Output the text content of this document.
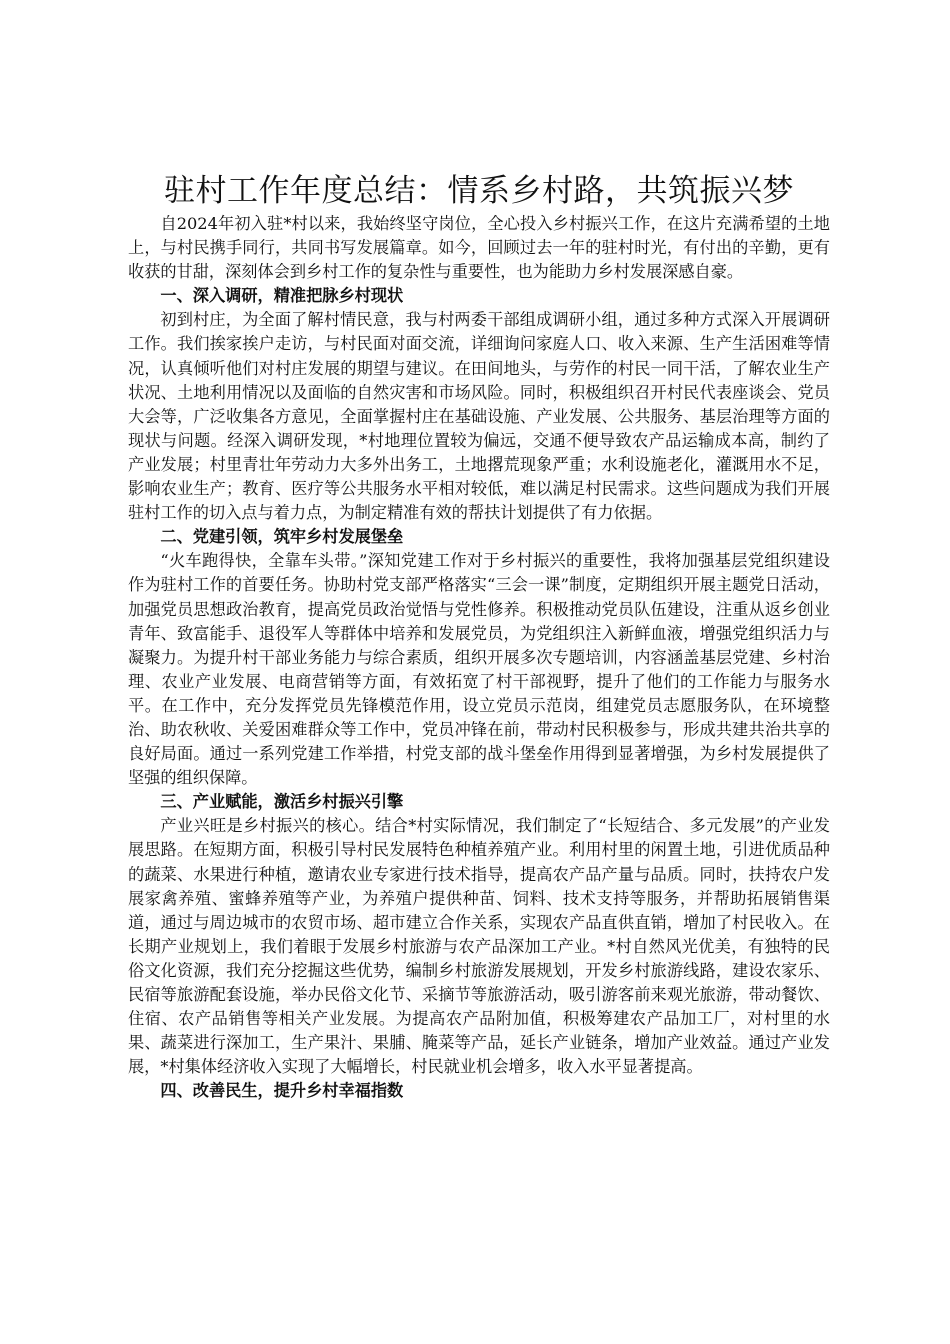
驻村工作年度总结：情系乡村路，共筑振兴梦

自2024年初入驻*村以来，我始终坚守岗位，全心投入乡村振兴工作，在这片充满希望的土地上，与村民携手同行，共同书写发展篇章。如今，回顾过去一年的驻村时光，有付出的辛勤，更有收获的甘甜，深刻体会到乡村工作的复杂性与重要性，也为能助力乡村发展深感自豪。

一、深入调研，精准把脉乡村现状

初到村庄，为全面了解村情民意，我与村两委干部组成调研小组，通过多种方式深入开展调研工作。我们挨家挨户走访，与村民面对面交流，详细询问家庭人口、收入来源、生产生活困难等情况，认真倾听他们对村庄发展的期望与建议。在田间地头，与劳作的村民一同干活，了解农业生产状况、土地利用情况以及面临的自然灾害和市场风险。同时，积极组织召开村民代表座谈会、党员大会等，广泛收集各方意见，全面掌握村庄在基础设施、产业发展、公共服务、基层治理等方面的现状与问题。经深入调研发现，*村地理位置较为偏远，交通不便导致农产品运输成本高，制约了产业发展；村里青壮年劳动力大多外出务工，土地撂荒现象严重；水利设施老化，灌溉用水不足，影响农业生产；教育、医疗等公共服务水平相对较低，难以满足村民需求。这些问题成为我们开展驻村工作的切入点与着力点，为制定精准有效的帮扶计划提供了有力依据。

二、党建引领，筑牢乡村发展堡垒

“火车跑得快，全靠车头带。”深知党建工作对于乡村振兴的重要性，我将加强基层党组织建设作为驻村工作的首要任务。协助村党支部严格落实“三会一课”制度，定期组织开展主题党日活动，加强党员思想政治教育，提高党员政治觉悟与党性修养。积极推动党员队伍建设，注重从返乡创业青年、致富能手、退役军人等群体中培养和发展党员，为党组织注入新鲜血液，增强党组织活力与凝聚力。为提升村干部业务能力与综合素质，组织开展多次专题培训，内容涵盖基层党建、乡村治理、农业产业发展、电商营销等方面，有效拓宽了村干部视野，提升了他们的工作能力与服务水平。在工作中，充分发挥党员先锋模范作用，设立党员示范岗，组建党员志愿服务队，在环境整治、助农秋收、关爱困难群众等工作中，党员冲锋在前，带动村民积极参与，形成共建共治共享的良好局面。通过一系列党建工作举措，村党支部的战斗堡垒作用得到显著增强，为乡村发展提供了坚强的组织保障。

三、产业赋能，激活乡村振兴引擎

产业兴旺是乡村振兴的核心。结合*村实际情况，我们制定了“长短结合、多元发展”的产业发展思路。在短期方面，积极引导村民发展特色种植养殖产业。利用村里的闲置土地，引进优质品种的蔬菜、水果进行种植，邀请农业专家进行技术指导，提高农产品产量与品质。同时，扶持农户发展家禽养殖、蜜蜂养殖等产业，为养殖户提供种苗、饲料、技术支持等服务，并帮助拓展销售渠道，通过与周边城市的农贸市场、超市建立合作关系，实现农产品直供直销，增加了村民收入。在长期产业规划上，我们着眼于发展乡村旅游与农产品深加工产业。*村自然风光优美，有独特的民俗文化资源，我们充分挖掘这些优势，编制乡村旅游发展规划，开发乡村旅游线路，建设农家乐、民宿等旅游配套设施，举办民俗文化节、采摘节等旅游活动，吸引游客前来观光旅游，带动餐饮、住宿、农产品销售等相关产业发展。为提高农产品附加值，积极筹建农产品加工厂，对村里的水果、蔬菜进行深加工，生产果汁、果脯、腌菜等产品，延长产业链条，增加产业效益。通过产业发展，*村集体经济收入实现了大幅增长，村民就业机会增多，收入水平显著提高。

四、改善民生，提升乡村幸福指数
